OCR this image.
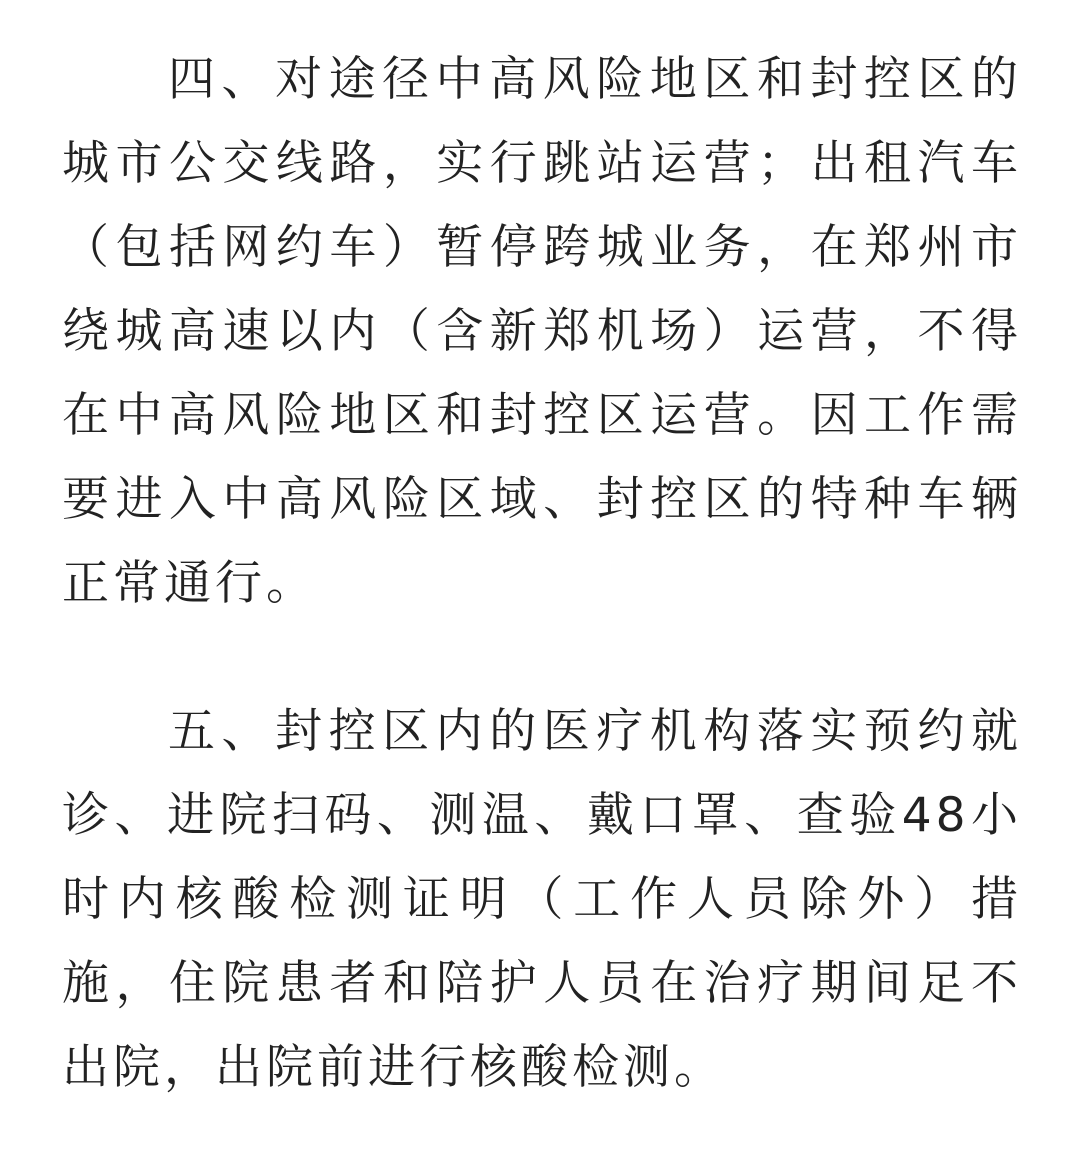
四、对途径中高风险地区和封控区的城市公交线路，实行跳站运营；出租汽车（包括网约车）暂停跨城业务，在郑州市绕城高速以内（含新郑机场）运营，不得在中高风险地区和封控区运营。因工作需要进入中高风险区域、封控区的特种车辆正常通行。

五、封控区内的医疗机构落实预约就诊、进院扫码、测温、戴口罩、查验48小时内核酸检测证明（工作人员除外）措施，住院患者和陪护人员在治疗期间足不出院，出院前进行核酸检测。
